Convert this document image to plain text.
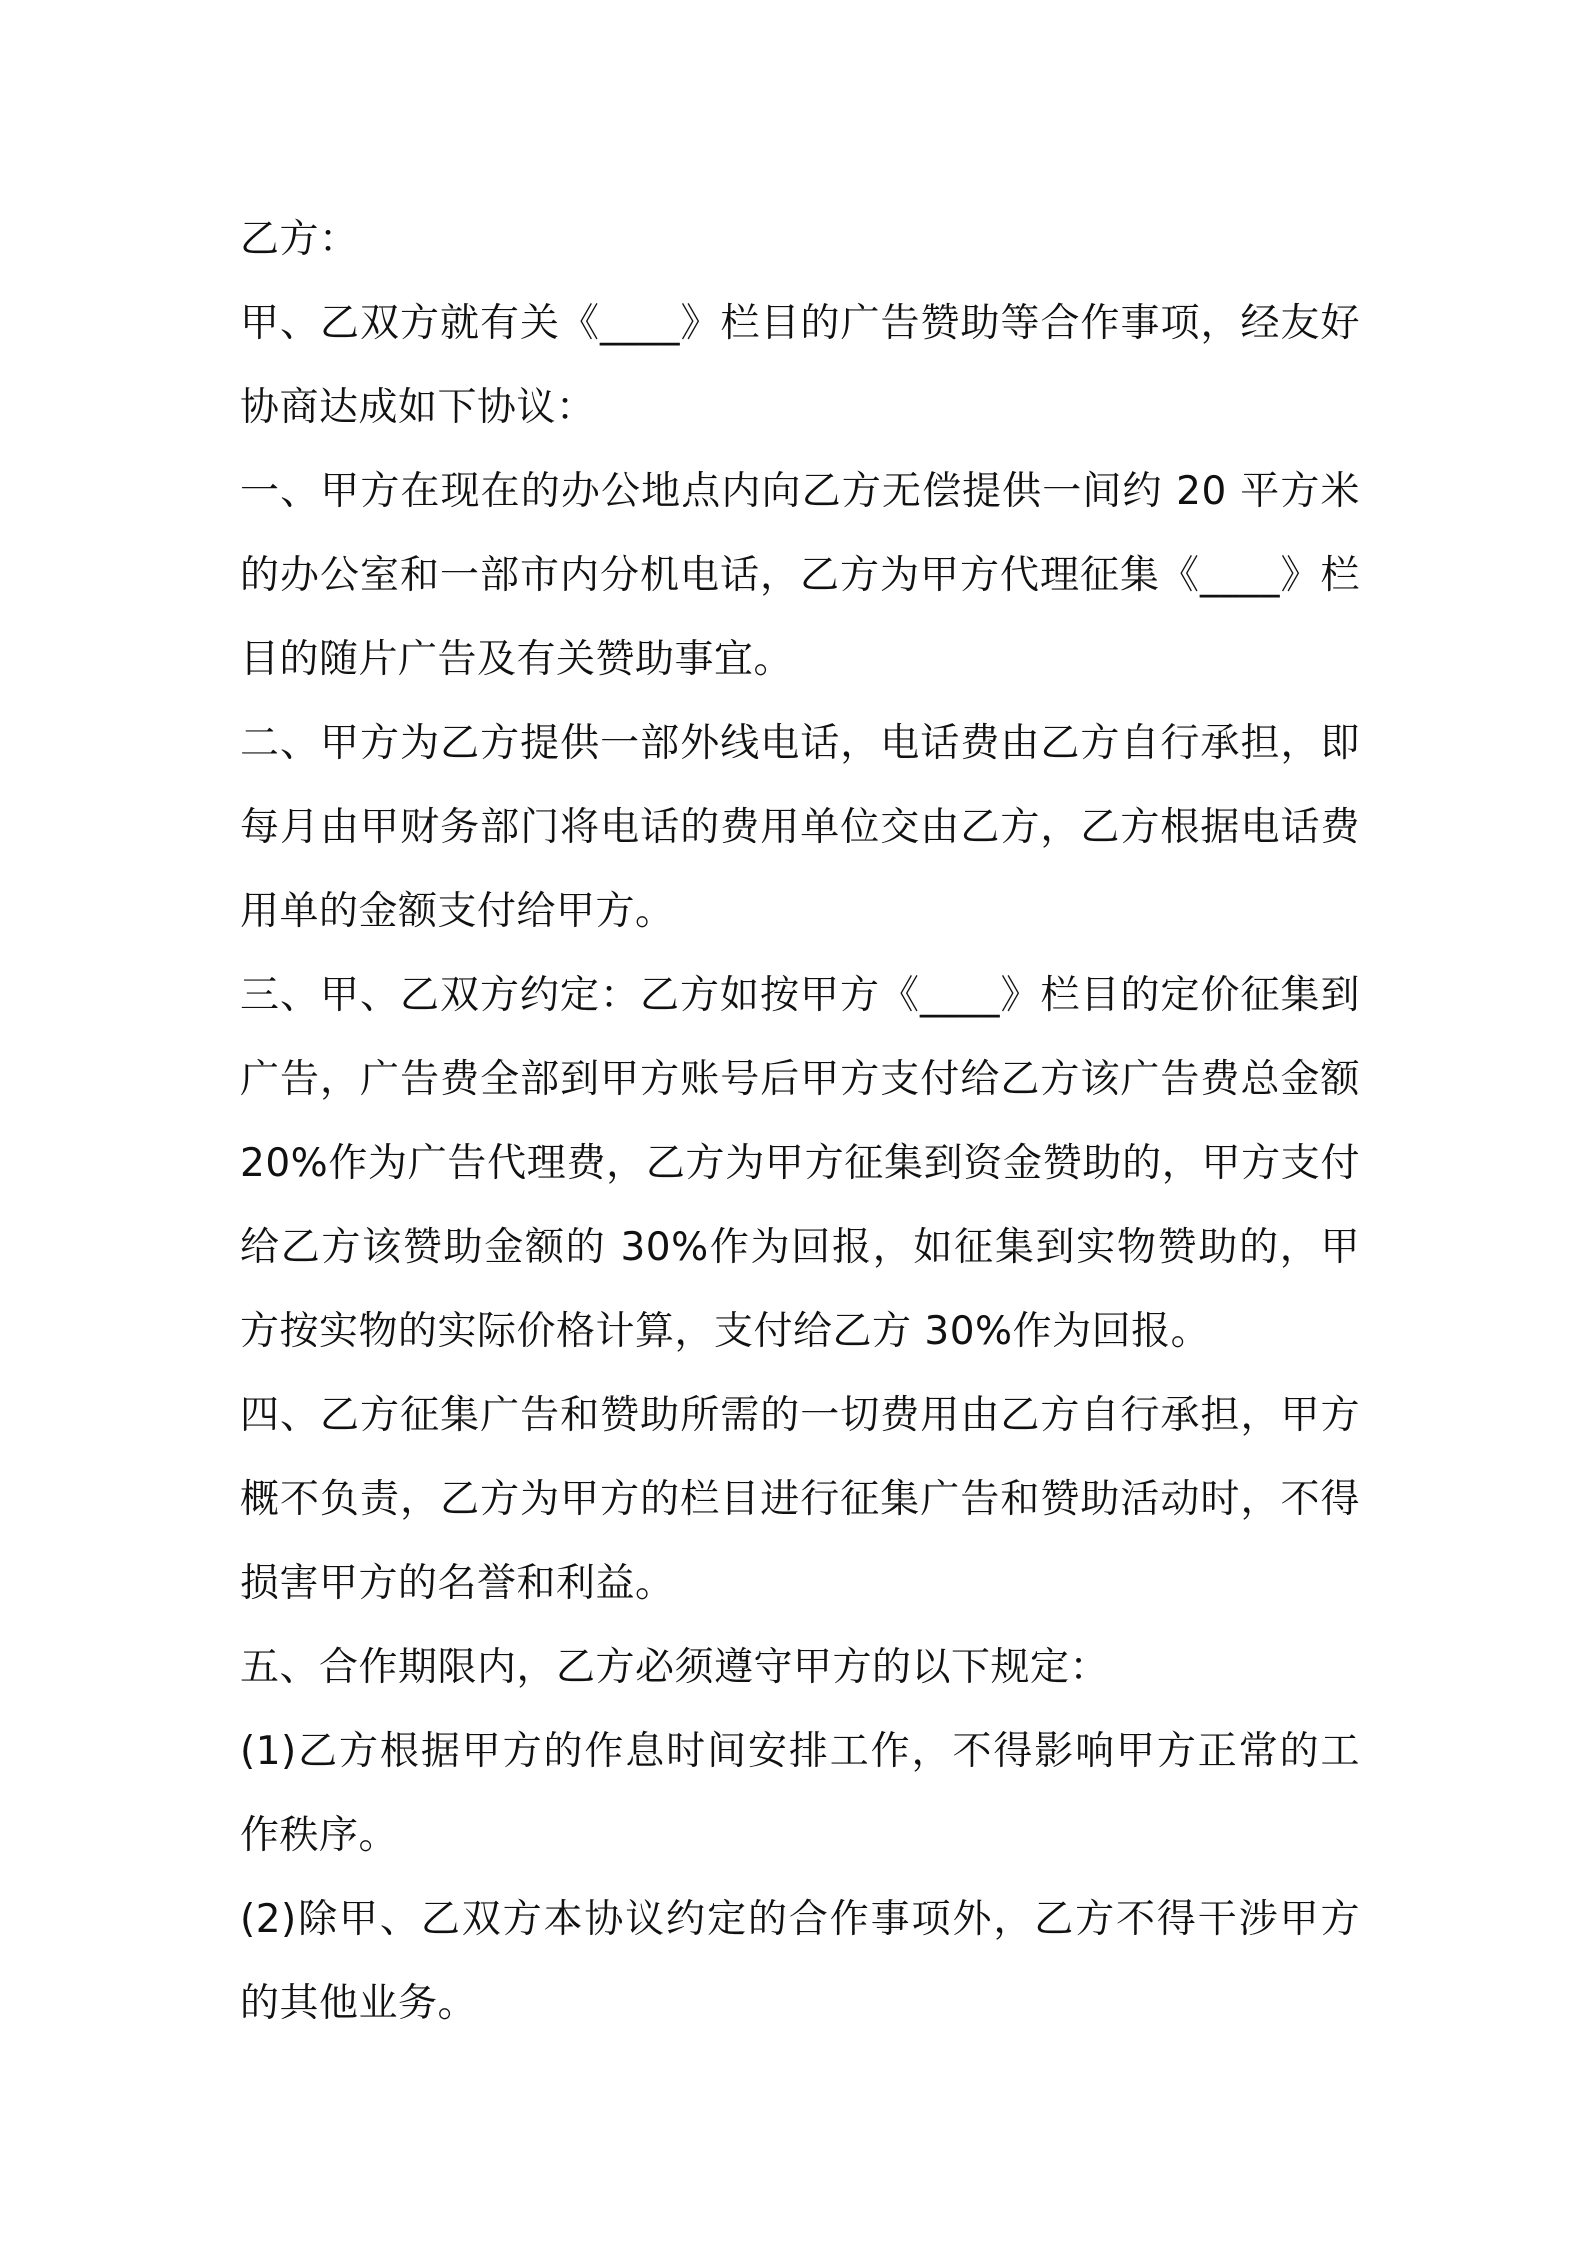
乙方：

甲、乙双方就有关《____》栏目的广告赞助等合作事项，经友好协商达成如下协议：

一、甲方在现在的办公地点内向乙方无偿提供一间约 20 平方米的办公室和一部市内分机电话，乙方为甲方代理征集《____》栏目的随片广告及有关赞助事宜。

二、甲方为乙方提供一部外线电话，电话费由乙方自行承担，即每月由甲财务部门将电话的费用单位交由乙方，乙方根据电话费用单的金额支付给甲方。

三、甲、乙双方约定：乙方如按甲方《____》栏目的定价征集到广告，广告费全部到甲方账号后甲方支付给乙方该广告费总金额 20%作为广告代理费，乙方为甲方征集到资金赞助的，甲方支付给乙方该赞助金额的 30%作为回报，如征集到实物赞助的，甲方按实物的实际价格计算，支付给乙方 30%作为回报。

四、乙方征集广告和赞助所需的一切费用由乙方自行承担，甲方概不负责，乙方为甲方的栏目进行征集广告和赞助活动时，不得损害甲方的名誉和利益。

五、合作期限内，乙方必须遵守甲方的以下规定：

(1)乙方根据甲方的作息时间安排工作，不得影响甲方正常的工作秩序。

(2)除甲、乙双方本协议约定的合作事项外，乙方不得干涉甲方的其他业务。
